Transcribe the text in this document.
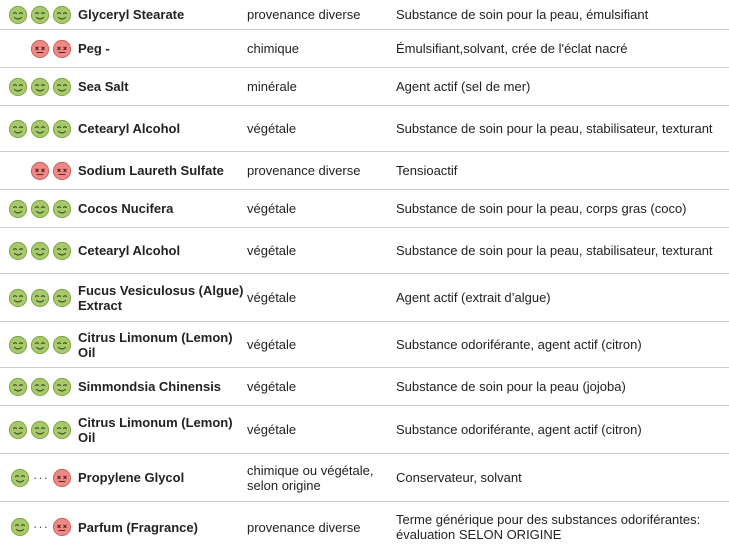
Glyceryl Stearate	provenance diverse	Substance de soin pour la peau, émulsifiant
Peg -	chimique	Émulsifiant,solvant, crée de l'éclat nacré
Sea Salt	minérale	Agent actif (sel de mer)
Cetearyl Alcohol	végétale	Substance de soin pour la peau, stabilisateur, texturant
Sodium Laureth Sulfate	provenance diverse	Tensioactif
Cocos Nucifera	végétale	Substance de soin pour la peau, corps gras (coco)
Cetearyl Alcohol	végétale	Substance de soin pour la peau, stabilisateur, texturant
Fucus Vesiculosus (Algue) Extract	végétale	Agent actif (extrait d’algue)
Citrus Limonum (Lemon) Oil	végétale	Substance odoriférante, agent actif (citron)
Simmondsia Chinensis	végétale	Substance de soin pour la peau (jojoba)
Citrus Limonum (Lemon) Oil	végétale	Substance odoriférante, agent actif (citron)
··· Propylene Glycol	chimique ou végétale, selon origine	Conservateur, solvant
··· Parfum (Fragrance)	provenance diverse	Terme générique pour des substances odoriférantes: évaluation SELON ORIGINE
